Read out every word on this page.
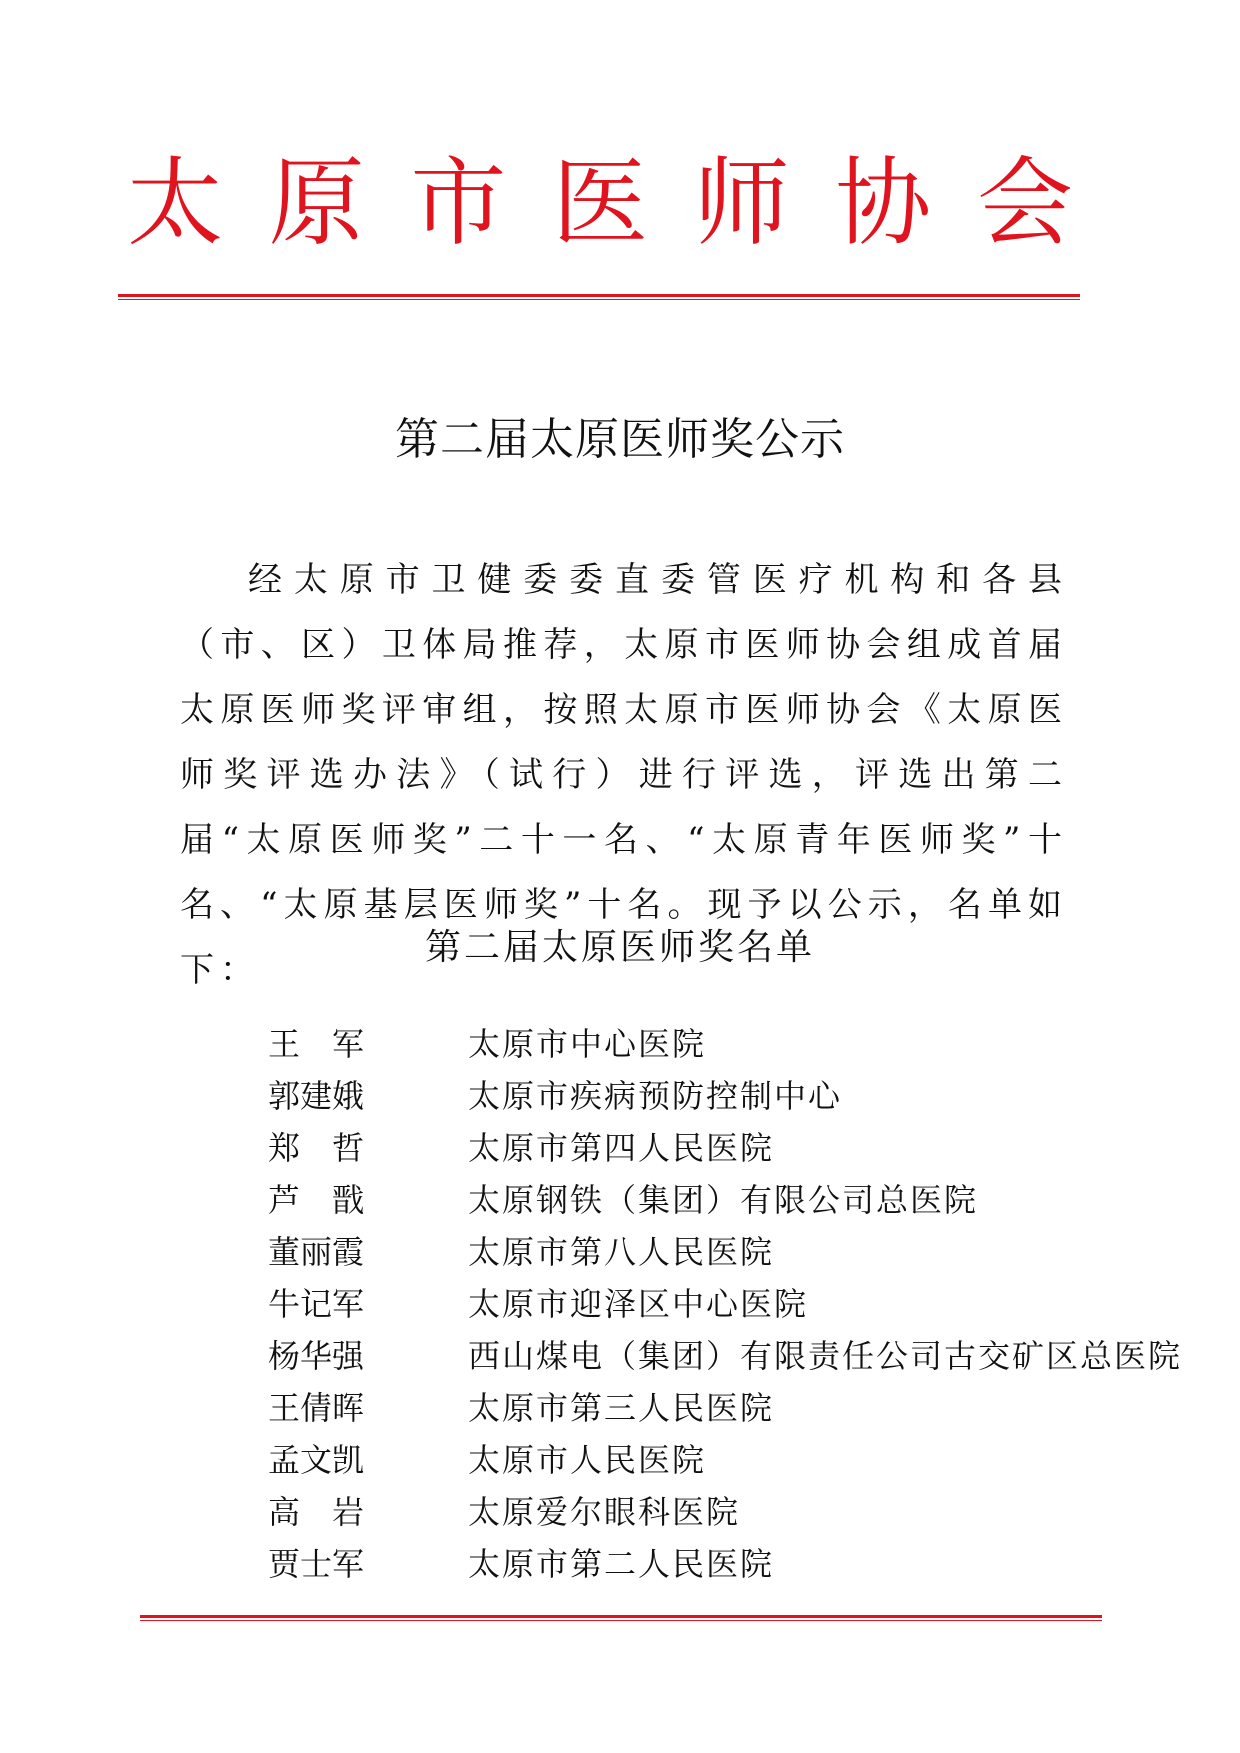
太 原 市 医 师 协 会
第二届太原医师奖公示

经太原市卫健委委直委管医疗机构和各县（市、区）卫体局推荐，太原市医师协会组成首届太原医师奖评审组，按照太原市医师协会《太原医师奖评选办法》（试行）进行评选，评选出第二届“太原医师奖”二十一名、“太原青年医师奖”十名、“太原基层医师奖”十名。现予以公示，名单如下：

第二届太原医师奖名单
王 军	太原市中心医院
郭 建 娥	太原市疾病预防控制中心
郑 哲	太原市第四人民医院
芦 戬	太原钢铁（集团）有限公司总医院
董 丽 霞	太原市第八人民医院
牛 记 军	太原市迎泽区中心医院
杨 华 强	西山煤电（集团）有限责任公司古交矿区总医院
王 倩 晖	太原市第三人民医院
孟 文 凯	太原市人民医院
高 岩	太原爱尔眼科医院
贾 士 军	太原市第二人民医院
